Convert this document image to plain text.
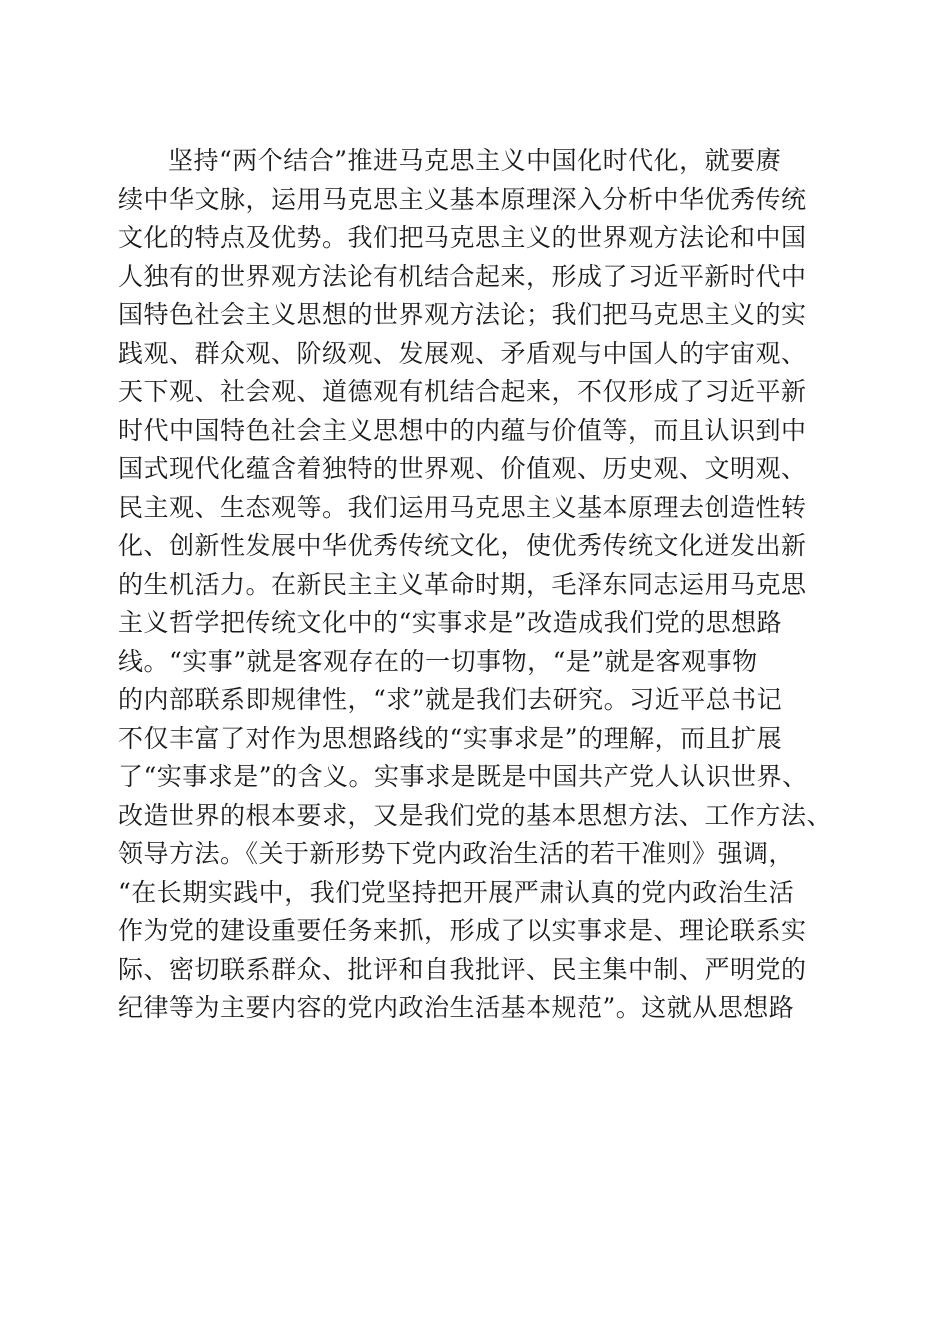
坚持“两个结合”推进马克思主义中国化时代化，就要赓
续中华文脉，运用马克思主义基本原理深入分析中华优秀传统
文化的特点及优势。我们把马克思主义的世界观方法论和中国
人独有的世界观方法论有机结合起来，形成了习近平新时代中
国特色社会主义思想的世界观方法论；我们把马克思主义的实
践观、群众观、阶级观、发展观、矛盾观与中国人的宇宙观、
天下观、社会观、道德观有机结合起来，不仅形成了习近平新
时代中国特色社会主义思想中的内蕴与价值等，而且认识到中
国式现代化蕴含着独特的世界观、价值观、历史观、文明观、
民主观、生态观等。我们运用马克思主义基本原理去创造性转
化、创新性发展中华优秀传统文化，使优秀传统文化迸发出新
的生机活力。在新民主主义革命时期，毛泽东同志运用马克思
主义哲学把传统文化中的“实事求是”改造成我们党的思想路
线。“实事”就是客观存在的一切事物，“是”就是客观事物
的内部联系即规律性，“求”就是我们去研究。习近平总书记
不仅丰富了对作为思想路线的“实事求是”的理解，而且扩展
了“实事求是”的含义。实事求是既是中国共产党人认识世界、
改造世界的根本要求，又是我们党的基本思想方法、工作方法、
领导方法。《关于新形势下党内政治生活的若干准则》强调，
“在长期实践中，我们党坚持把开展严肃认真的党内政治生活
作为党的建设重要任务来抓，形成了以实事求是、理论联系实
际、密切联系群众、批评和自我批评、民主集中制、严明党的
纪律等为主要内容的党内政治生活基本规范”。这就从思想路
